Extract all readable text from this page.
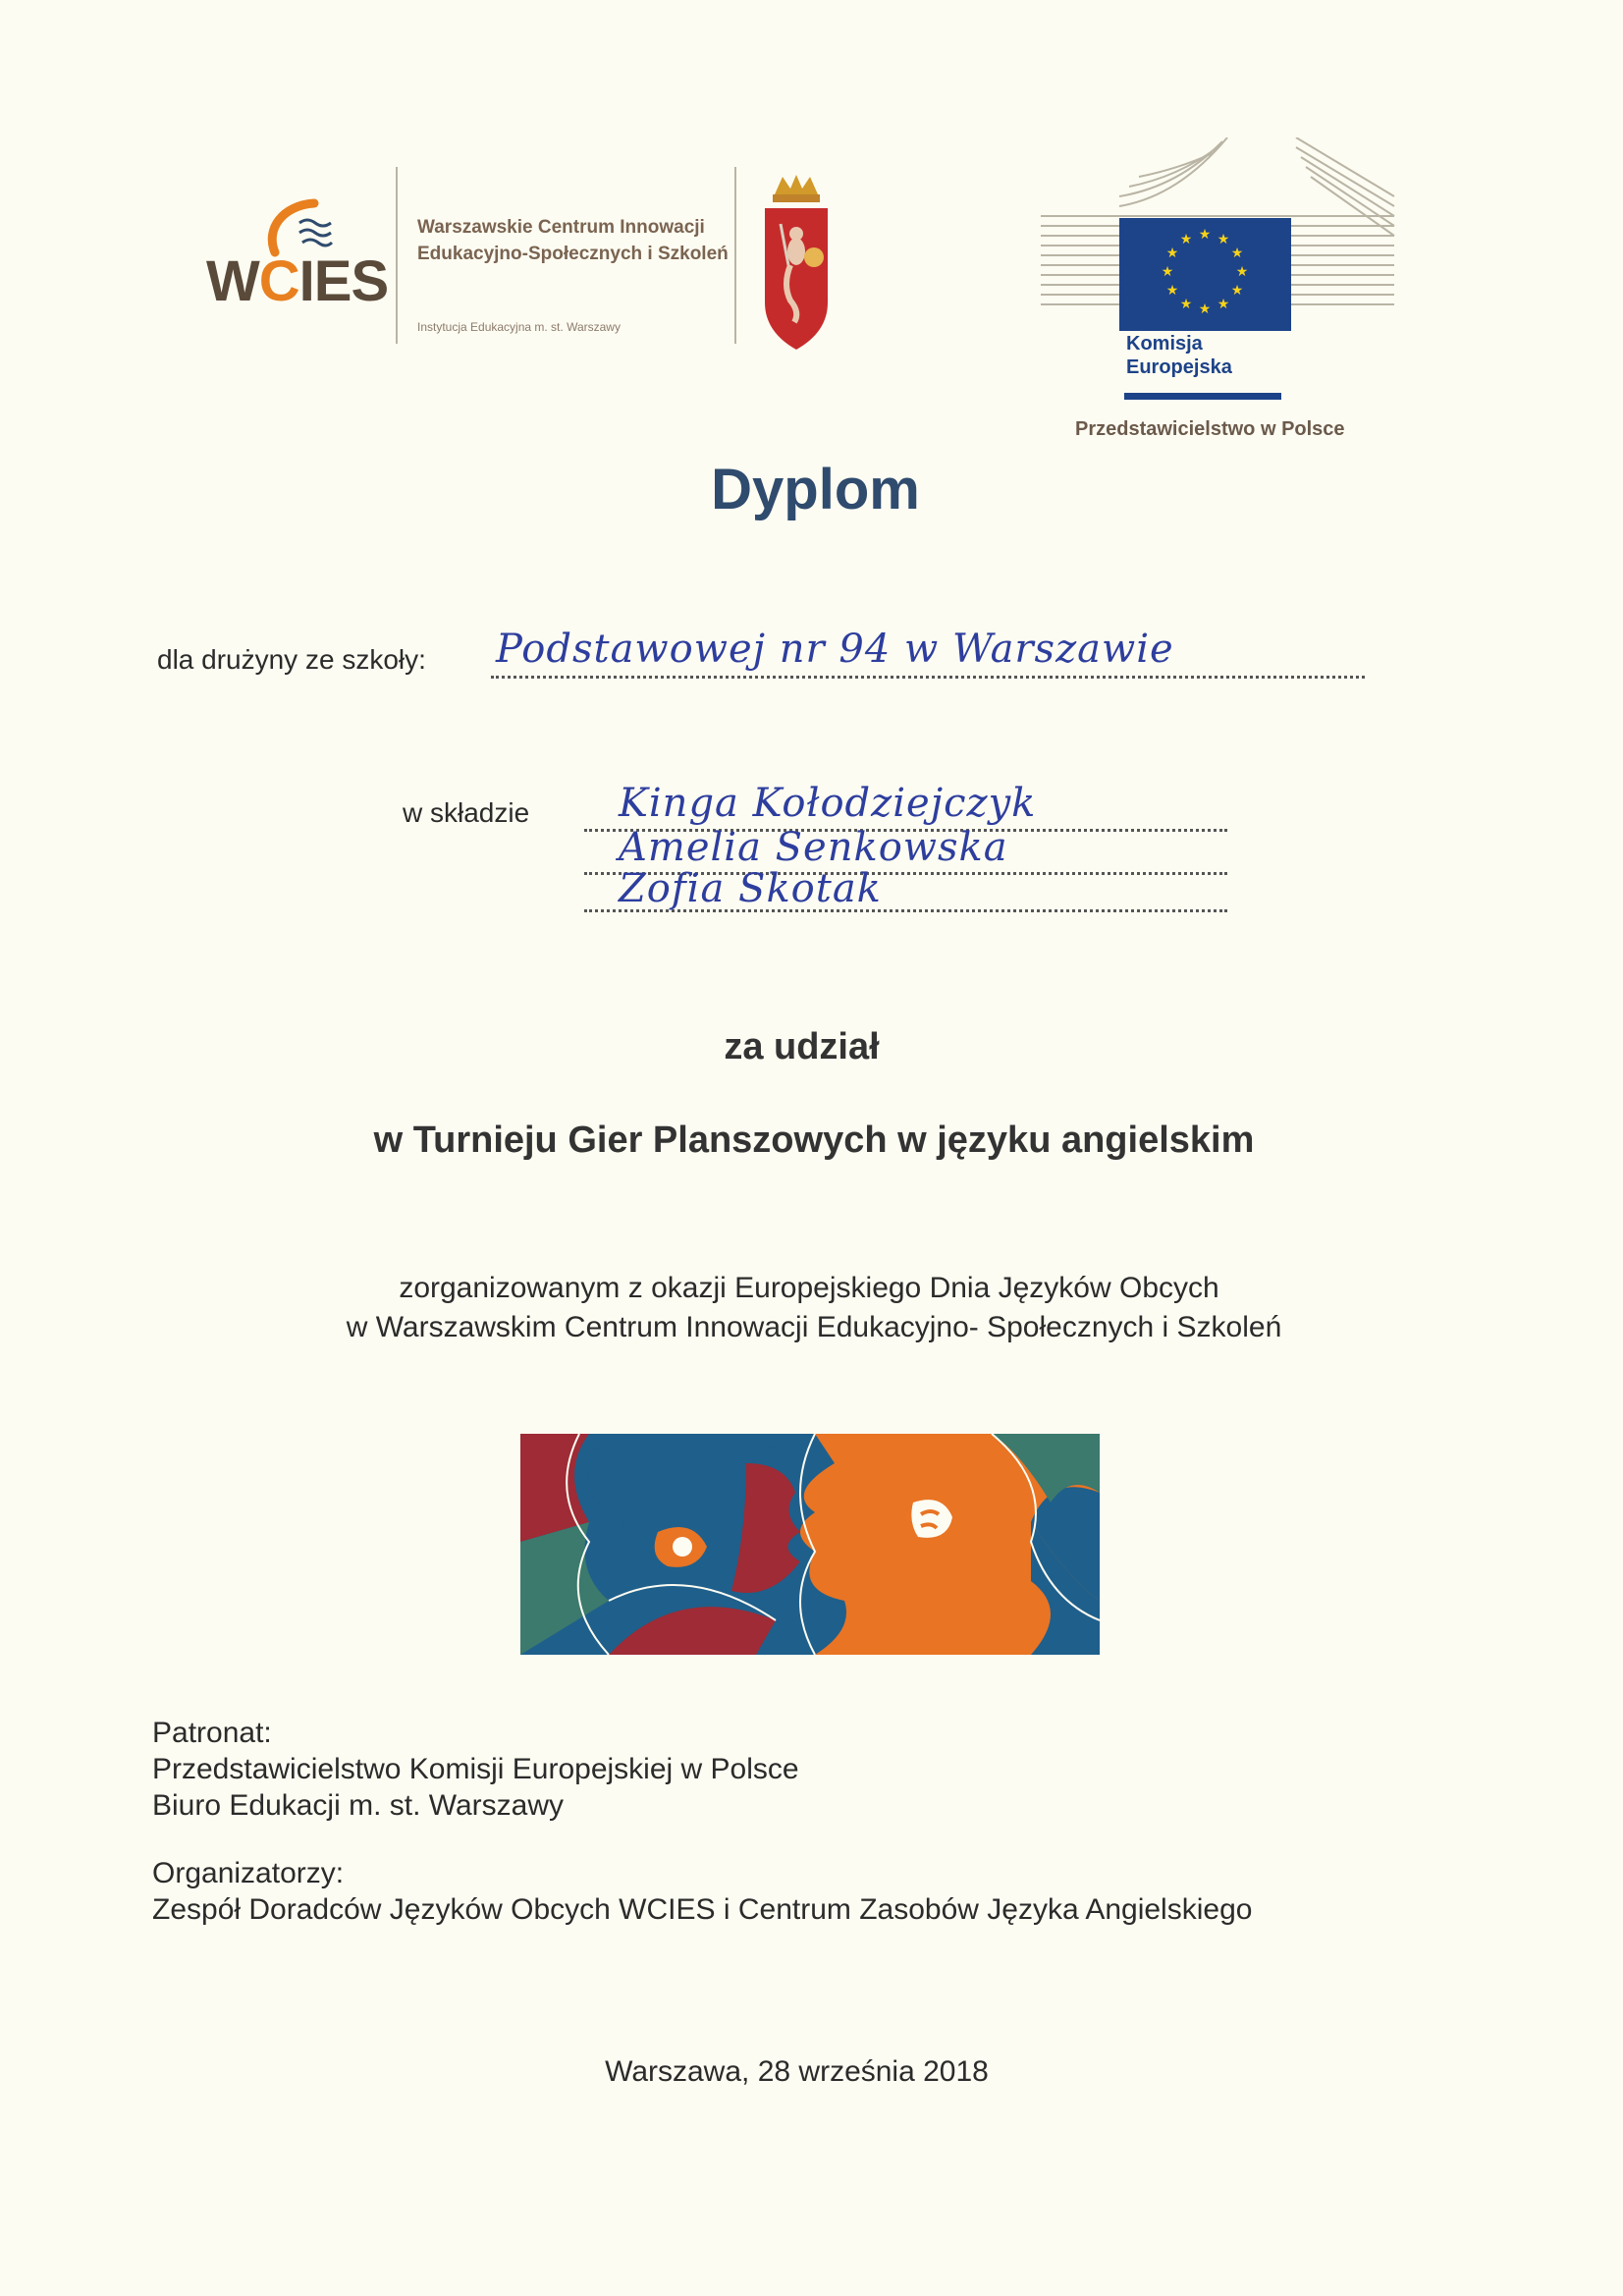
WCIES
Warszawskie Centrum Innowacji
Edukacyjno-Społecznych i Szkoleń
Instytucja Edukacyjna m. st. Warszawy
★ ★
★
★
★
★
★
★
★
★
★
★
Komisja
Europejska
Przedstawicielstwo w Polsce
Dyplom
dla drużyny ze szkoły: Podstawowej nr 94 w Warszawie
w składzie Kinga Kołodziejczyk
Amelia Senkowska
Zofia Skotak
za udział
w Turnieju Gier Planszowych w języku angielskim
zorganizowanym z okazji Europejskiego Dnia Języków Obcych
w Warszawskim Centrum Innowacji Edukacyjno- Społecznych i Szkoleń
Patronat:
Przedstawicielstwo Komisji Europejskiej w Polsce
Biuro Edukacji m. st. Warszawy
Organizatorzy:
Zespół Doradców Języków Obcych WCIES i Centrum Zasobów Języka Angielskiego
Warszawa, 28 września 2018
